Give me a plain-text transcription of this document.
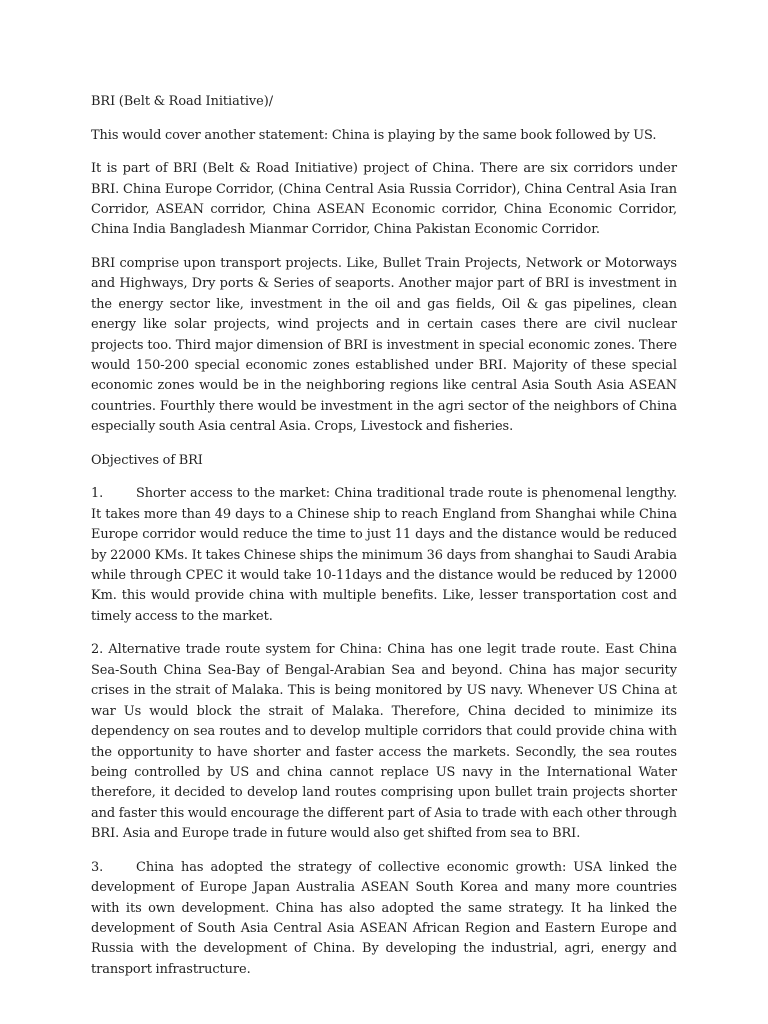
BRI (Belt & Road Initiative)/

This would cover another statement: China is playing by the same book followed by US.

It is part of BRI (Belt & Road Initiative) project of China. There are six corridors under BRI. China Europe Corridor, (China Central Asia Russia Corridor), China Central Asia Iran Corridor, ASEAN corridor, China ASEAN Economic corridor, China Economic Corridor, China India Bangladesh Mianmar Corridor, China Pakistan Economic Corridor.

BRI comprise upon transport projects. Like, Bullet Train Projects, Network or Motorways and Highways, Dry ports & Series of seaports. Another major part of BRI is investment in the energy sector like, investment in the oil and gas fields, Oil & gas pipelines, clean energy like solar projects, wind projects and in certain cases there are civil nuclear projects too. Third major dimension of BRI is investment in special economic zones. There would 150-200 special economic zones established under BRI. Majority of these special economic zones would be in the neighboring regions like central Asia South Asia ASEAN countries. Fourthly there would be investment in the agri sector of the neighbors of China especially south Asia central Asia. Crops, Livestock and fisheries.

Objectives of BRI

1.	Shorter access to the market: China traditional trade route is phenomenal lengthy. It takes more than 49 days to a Chinese ship to reach England from Shanghai while China Europe corridor would reduce the time to just 11 days and the distance would be reduced by 22000 KMs. It takes Chinese ships the minimum 36 days from shanghai to Saudi Arabia while through CPEC it would take 10-11days and the distance would be reduced by 12000 Km. this would provide china with multiple benefits. Like, lesser transportation cost and timely access to the market.

2. Alternative trade route system for China: China has one legit trade route. East China Sea-South China Sea-Bay of Bengal-Arabian Sea and beyond. China has major security crises in the strait of Malaka. This is being monitored by US navy. Whenever US China at war Us would block the strait of Malaka. Therefore, China decided to minimize its dependency on sea routes and to develop multiple corridors that could provide china with the opportunity to have shorter and faster access the markets. Secondly, the sea routes being controlled by US and china cannot replace US navy in the International Water therefore, it decided to develop land routes comprising upon bullet train projects shorter and faster this would encourage the different part of Asia to trade with each other through BRI. Asia and Europe trade in future would also get shifted from sea to BRI.

3.	China has adopted the strategy of collective economic growth: USA linked the development of Europe Japan Australia ASEAN South Korea and many more countries with its own development. China has also adopted the same strategy. It ha linked the development of South Asia Central Asia ASEAN African Region and Eastern Europe and Russia with the development of China. By developing the industrial, agri, energy and transport infrastructure.
